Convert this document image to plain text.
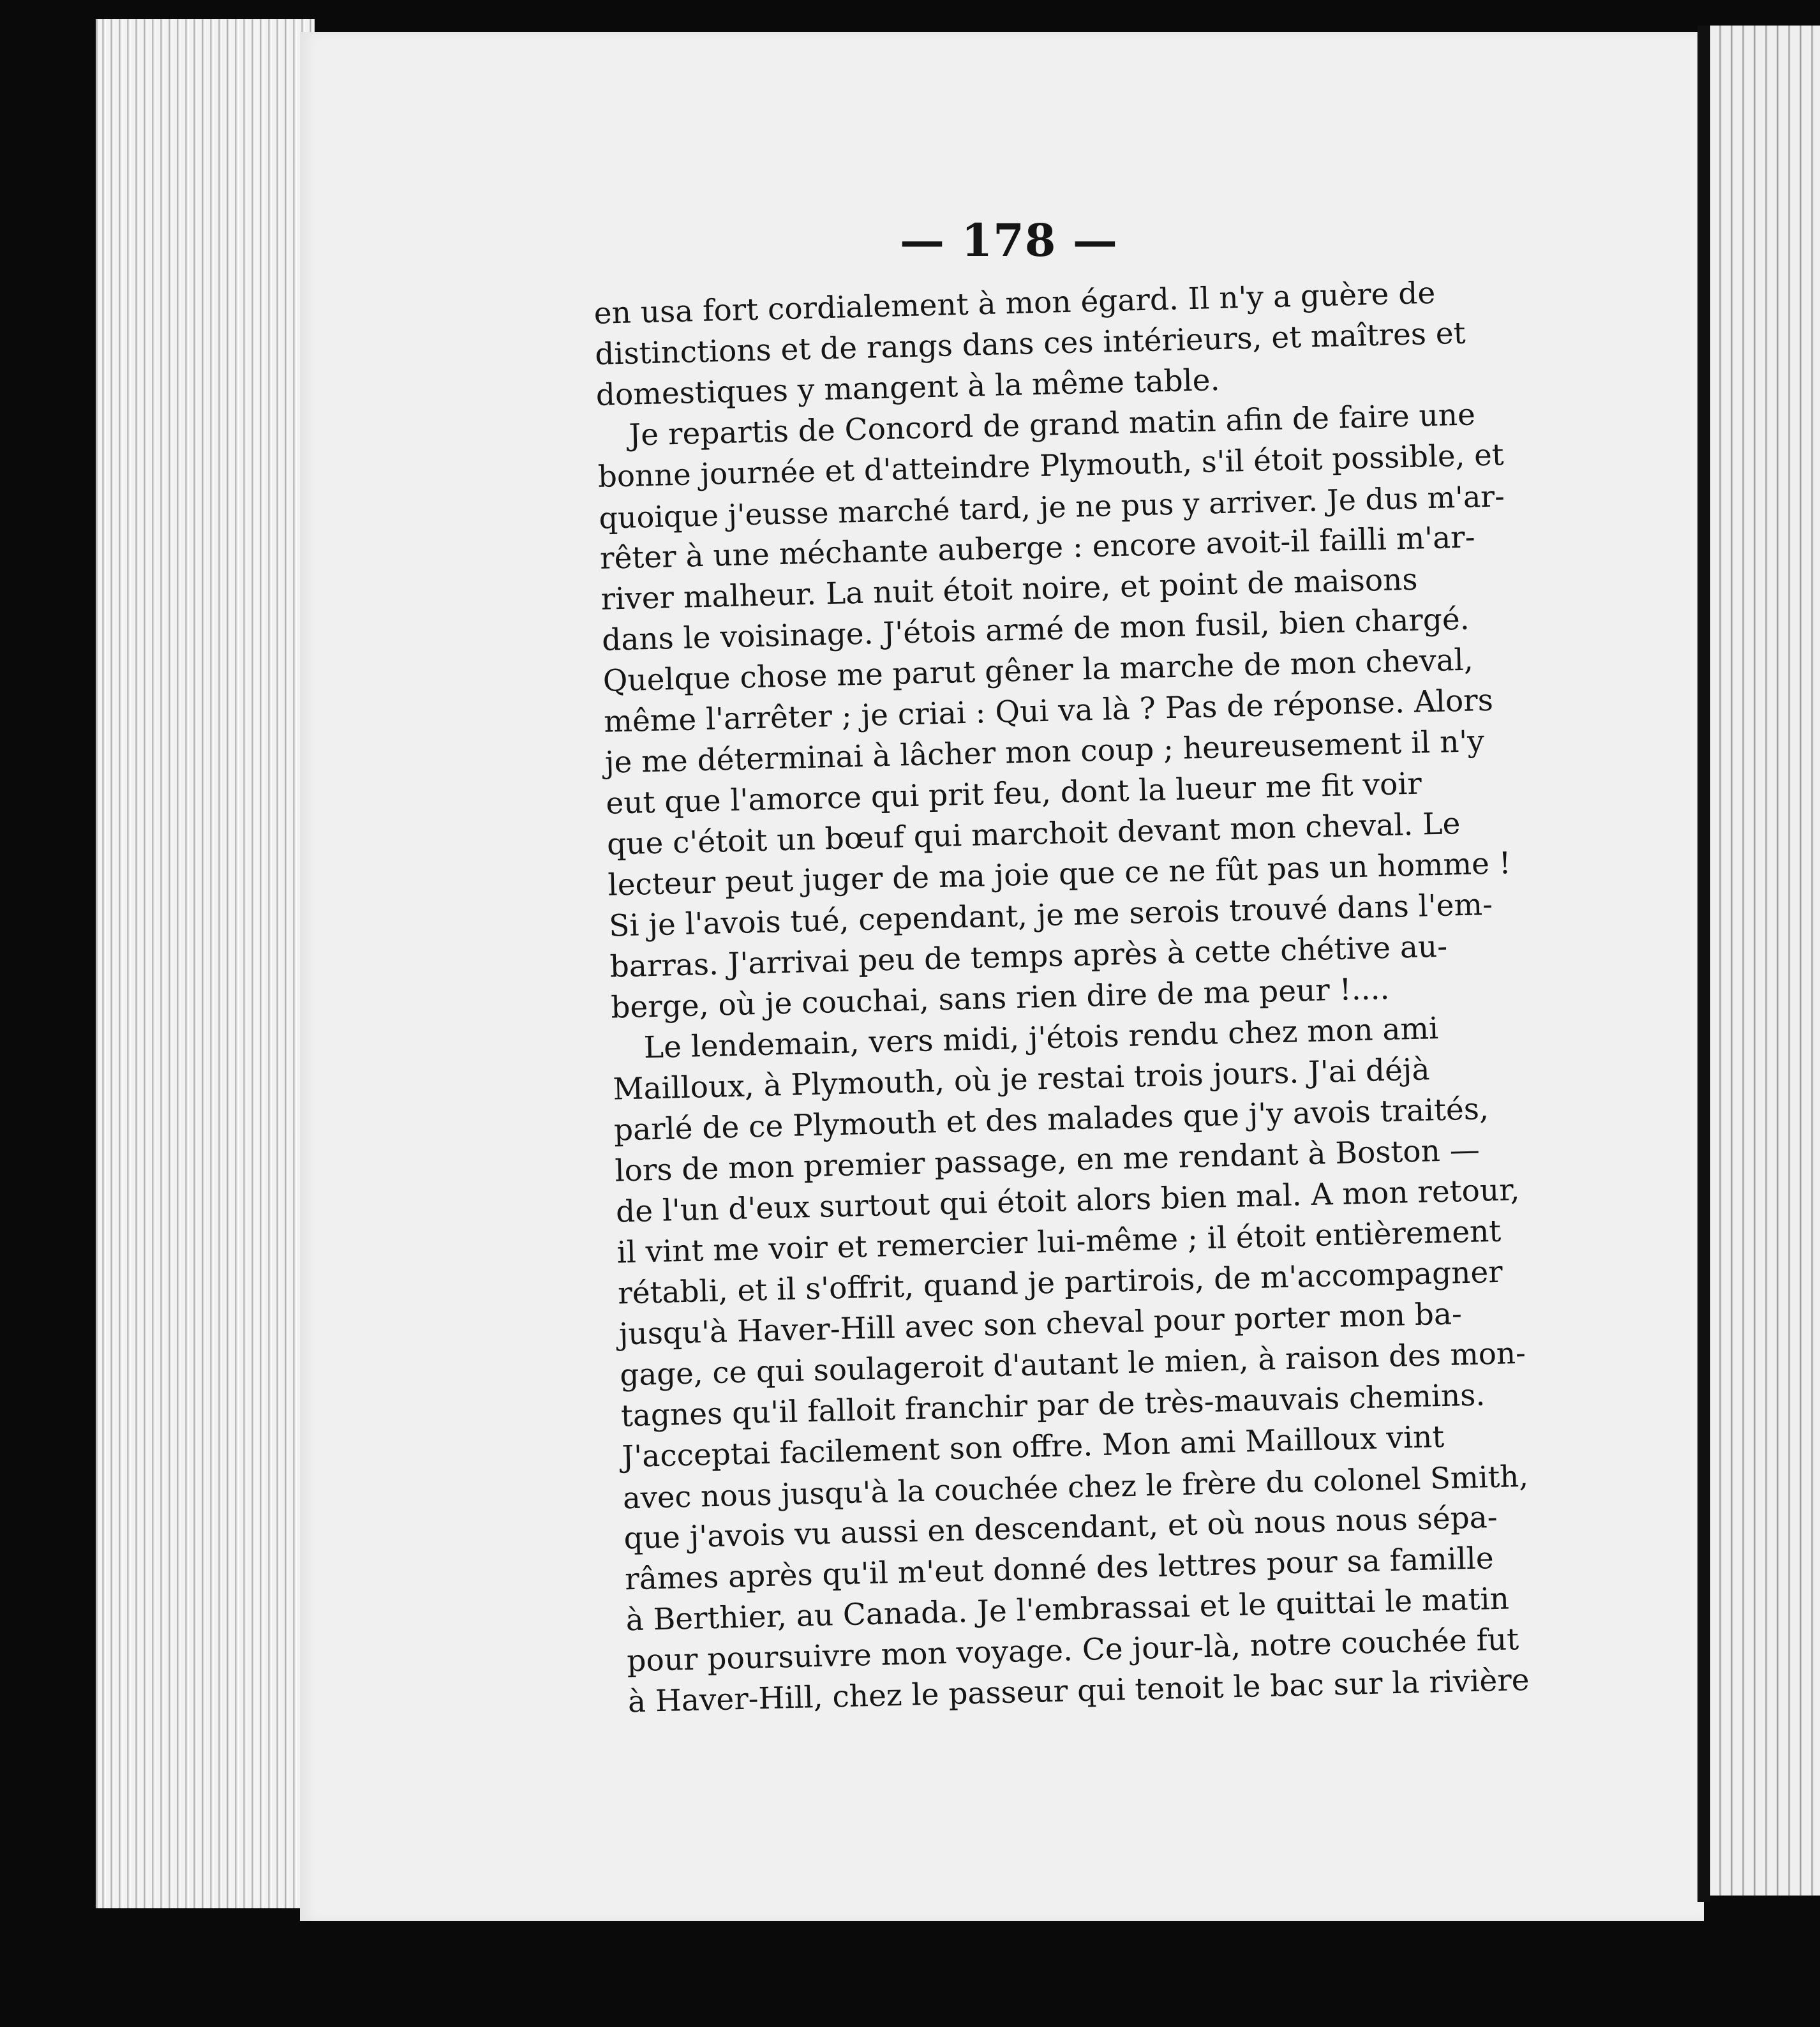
— 178 —
en usa fort cordialement à mon égard. Il n'y a guère de
distinctions et de rangs dans ces intérieurs, et maîtres et
domestiques y mangent à la même table.
Je repartis de Concord de grand matin afin de faire une
bonne journée et d'atteindre Plymouth, s'il étoit possible, et
quoique j'eusse marché tard, je ne pus y arriver. Je dus m'ar-
rêter à une méchante auberge : encore avoit-il failli m'ar-
river malheur. La nuit étoit noire, et point de maisons
dans le voisinage. J'étois armé de mon fusil, bien chargé.
Quelque chose me parut gêner la marche de mon cheval,
même l'arrêter ; je criai : Qui va là ? Pas de réponse. Alors
je me déterminai à lâcher mon coup ; heureusement il n'y
eut que l'amorce qui prit feu, dont la lueur me fit voir
que c'étoit un bœuf qui marchoit devant mon cheval. Le
lecteur peut juger de ma joie que ce ne fût pas un homme !
Si je l'avois tué, cependant, je me serois trouvé dans l'em-
barras. J'arrivai peu de temps après à cette chétive au-
berge, où je couchai, sans rien dire de ma peur !....
Le lendemain, vers midi, j'étois rendu chez mon ami
Mailloux, à Plymouth, où je restai trois jours. J'ai déjà
parlé de ce Plymouth et des malades que j'y avois traités,
lors de mon premier passage, en me rendant à Boston —
de l'un d'eux surtout qui étoit alors bien mal. A mon retour,
il vint me voir et remercier lui-même ; il étoit entièrement
rétabli, et il s'offrit, quand je partirois, de m'accompagner
jusqu'à Haver-Hill avec son cheval pour porter mon ba-
gage, ce qui soulageroit d'autant le mien, à raison des mon-
tagnes qu'il falloit franchir par de très-mauvais chemins.
J'acceptai facilement son offre. Mon ami Mailloux vint
avec nous jusqu'à la couchée chez le frère du colonel Smith,
que j'avois vu aussi en descendant, et où nous nous sépa-
râmes après qu'il m'eut donné des lettres pour sa famille
à Berthier, au Canada. Je l'embrassai et le quittai le matin
pour poursuivre mon voyage. Ce jour-là, notre couchée fut
à Haver-Hill, chez le passeur qui tenoit le bac sur la rivière
